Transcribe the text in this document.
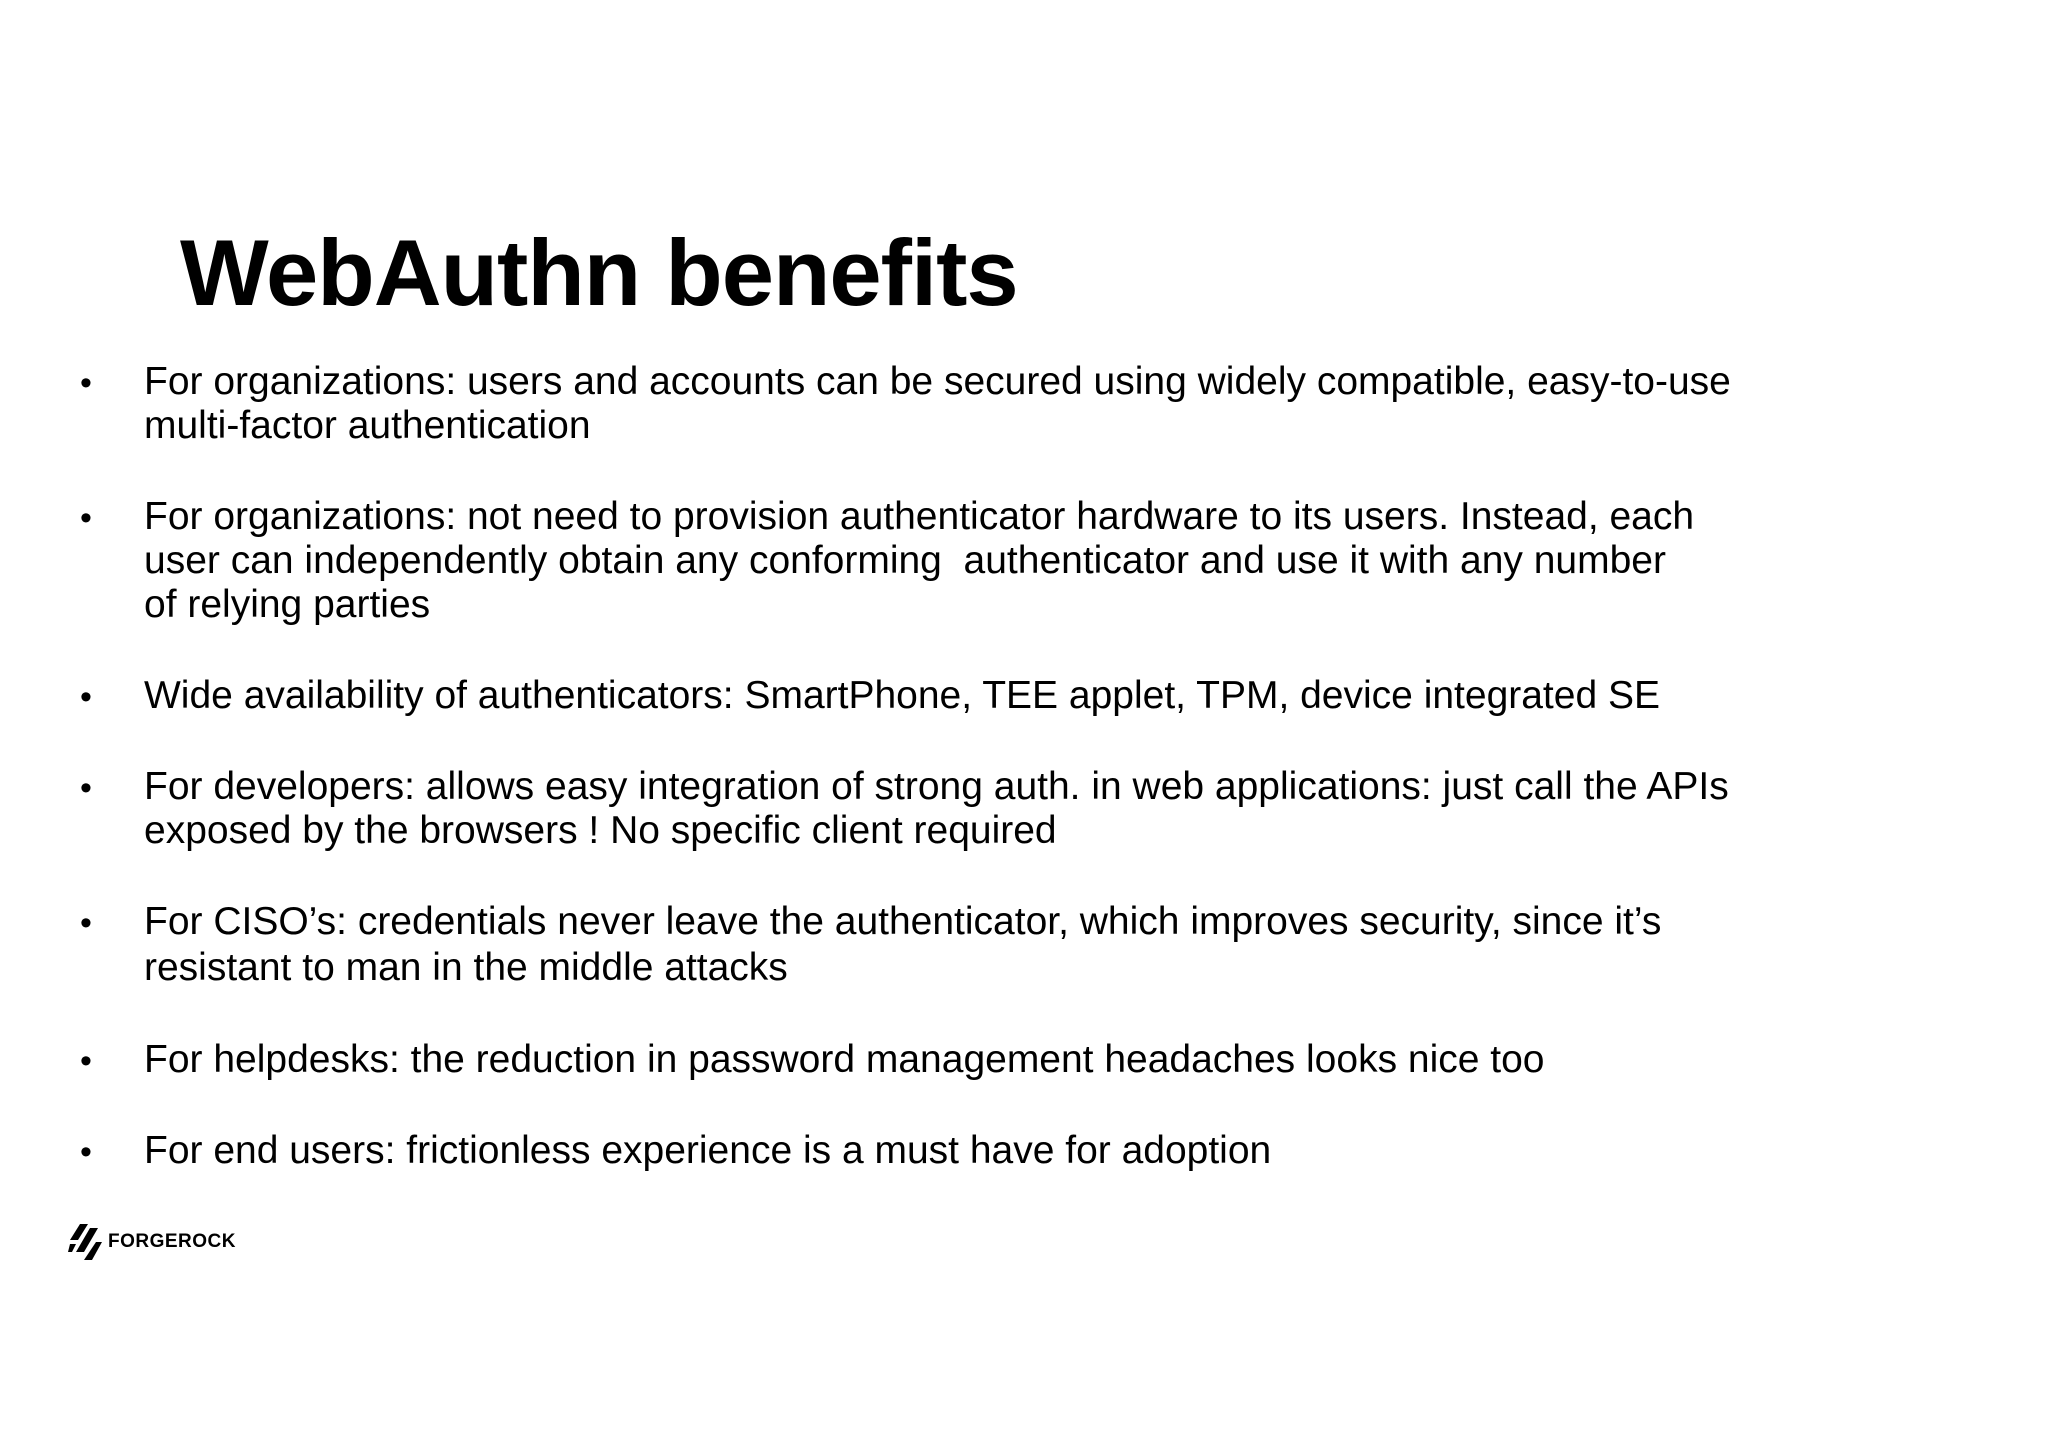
WebAuthn benefits
• For organizations: users and accounts can be secured using widely compatible, easy-to-use
multi-factor authentication
• For organizations: not need to provision authenticator hardware to its users. Instead, each
user can independently obtain any conforming  authenticator and use it with any number
of relying parties
• Wide availability of authenticators: SmartPhone, TEE applet, TPM, device integrated SE
• For developers: allows easy integration of strong auth. in web applications: just call the APIs
exposed by the browsers ! No specific client required
• For CISO’s: credentials never leave the authenticator, which improves security, since it’s
resistant to man in the middle attacks
• For helpdesks: the reduction in password management headaches looks nice too
• For end users: frictionless experience is a must have for adoption
FORGEROCK
